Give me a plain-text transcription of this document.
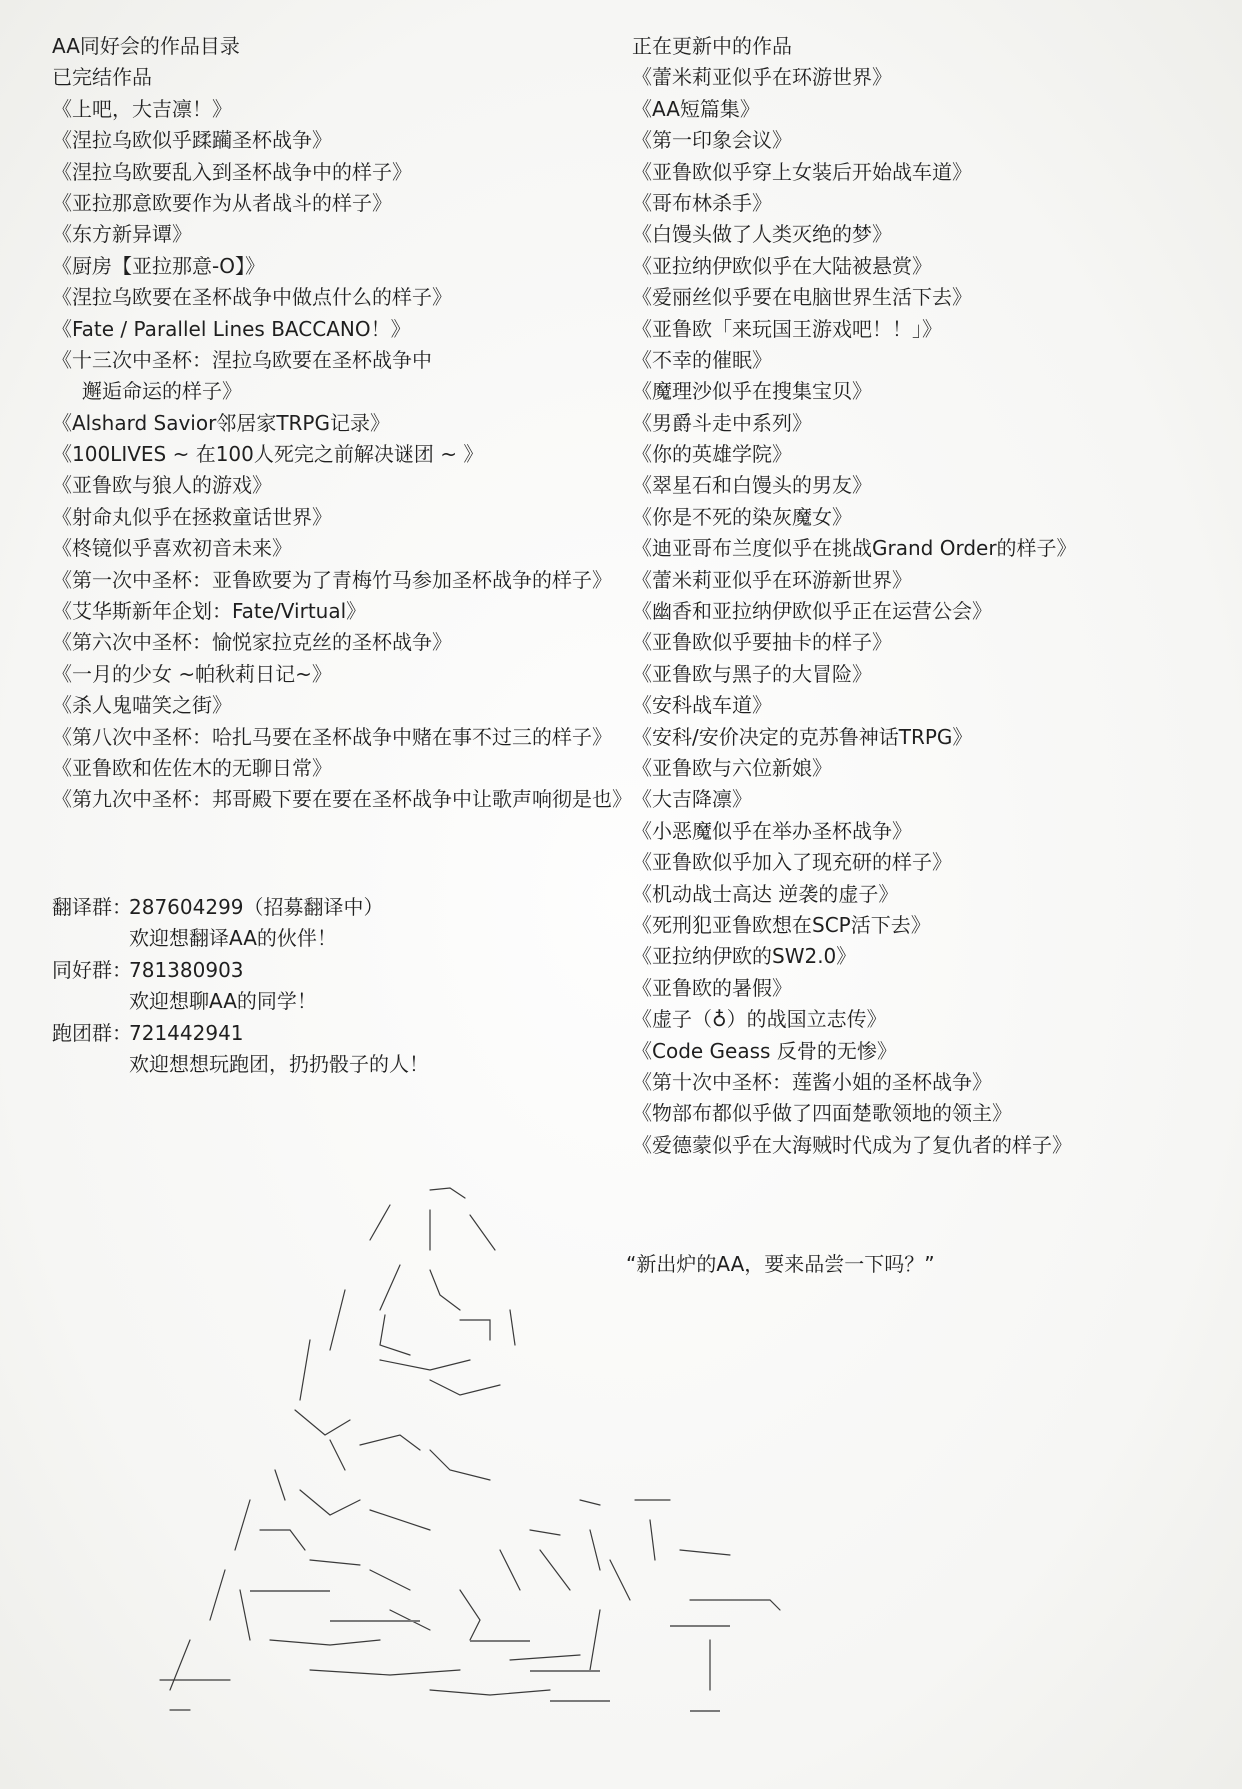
AA同好会的作品目录
已完结作品
《上吧，大吉凛！》
《涅拉乌欧似乎蹂躏圣杯战争》
《涅拉乌欧要乱入到圣杯战争中的样子》
《亚拉那意欧要作为从者战斗的样子》
《东方新异谭》
《厨房【亚拉那意-O】》
《涅拉乌欧要在圣杯战争中做点什么的样子》
《Fate / Parallel Lines BACCANO！》
《十三次中圣杯：涅拉乌欧要在圣杯战争中
邂逅命运的样子》
《Alshard Savior邻居家TRPG记录》
《100LIVES ~ 在100人死完之前解决谜团 ~ 》
《亚鲁欧与狼人的游戏》
《射命丸似乎在拯救童话世界》
《柊镜似乎喜欢初音未来》
《第一次中圣杯：亚鲁欧要为了青梅竹马参加圣杯战争的样子》
《艾华斯新年企划：Fate/Virtual》
《第六次中圣杯：愉悦家拉克丝的圣杯战争》
《一月的少女 ~帕秋莉日记~》
《杀人鬼喵笑之街》
《第八次中圣杯：哈扎马要在圣杯战争中赌在事不过三的样子》
《亚鲁欧和佐佐木的无聊日常》
《第九次中圣杯：邦哥殿下要在要在圣杯战争中让歌声响彻是也》
正在更新中的作品
《蕾米莉亚似乎在环游世界》
《AA短篇集》
《第一印象会议》
《亚鲁欧似乎穿上女装后开始战车道》
《哥布林杀手》
《白馒头做了人类灭绝的梦》
《亚拉纳伊欧似乎在大陆被悬赏》
《爱丽丝似乎要在电脑世界生活下去》
《亚鲁欧「来玩国王游戏吧！！」》
《不幸的催眠》
《魔理沙似乎在搜集宝贝》
《男爵斗走中系列》
《你的英雄学院》
《翠星石和白馒头的男友》
《你是不死的染灰魔女》
《迪亚哥布兰度似乎在挑战Grand Order的样子》
《蕾米莉亚似乎在环游新世界》
《幽香和亚拉纳伊欧似乎正在运营公会》
《亚鲁欧似乎要抽卡的样子》
《亚鲁欧与黑子的大冒险》
《安科战车道》
《安科/安价决定的克苏鲁神话TRPG》
《亚鲁欧与六位新娘》
《大吉降凛》
《小恶魔似乎在举办圣杯战争》
《亚鲁欧似乎加入了现充研的样子》
《机动战士高达 逆袭的虚子》
《死刑犯亚鲁欧想在SCP活下去》
《亚拉纳伊欧的SW2.0》
《亚鲁欧的暑假》
《虚子（♁）的战国立志传》
《Code Geass 反骨的无惨》
《第十次中圣杯：莲酱小姐的圣杯战争》
《物部布都似乎做了四面楚歌领地的领主》
《爱德蒙似乎在大海贼时代成为了复仇者的样子》
翻译群：
287604299（招募翻译中）
欢迎想翻译AA的伙伴！
同好群：
781380903
欢迎想聊AA的同学！
跑团群：
721442941
欢迎想想玩跑团，扔扔骰子的人！
“新出炉的AA，要来品尝一下吗？”
